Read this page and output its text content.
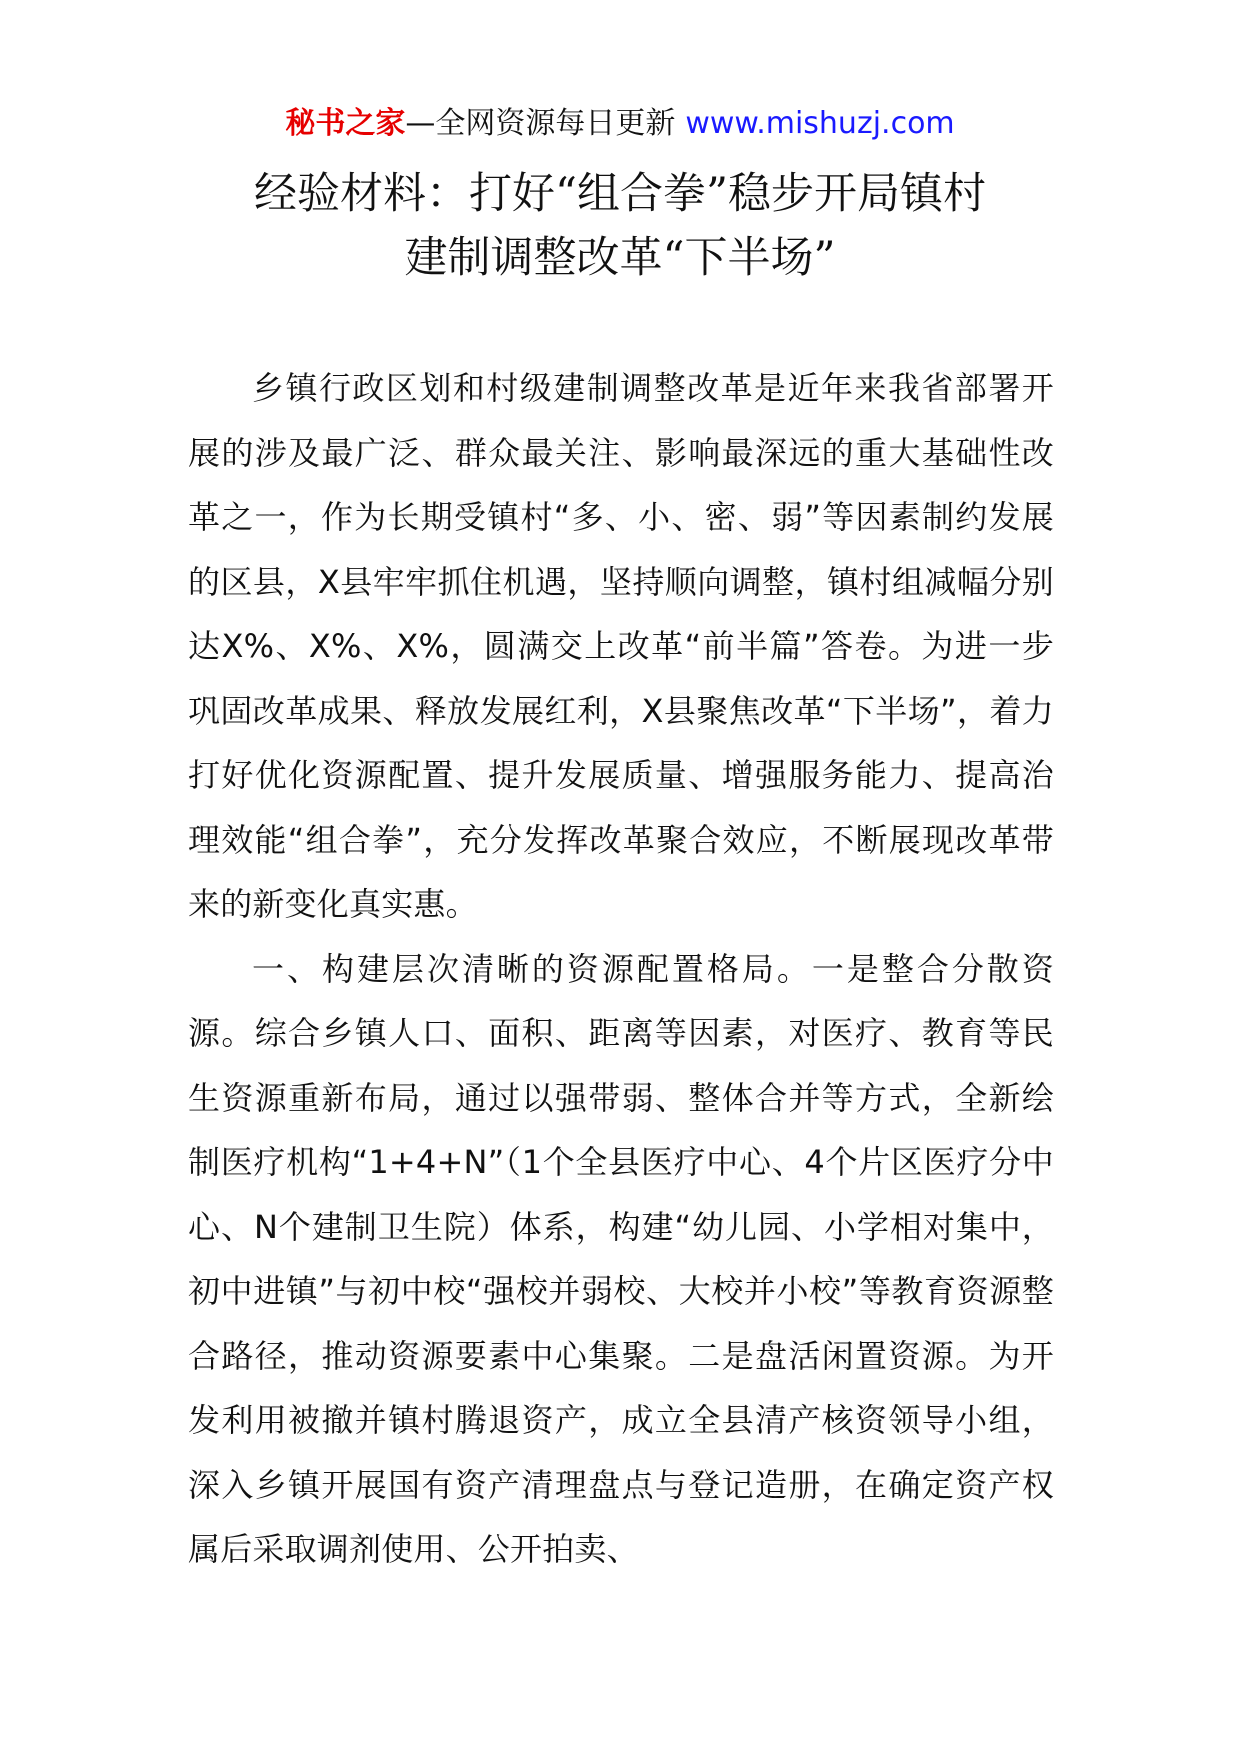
秘书之家—全网资源每日更新 www.mishuzj.com
经验材料：打好“组合拳”稳步开局镇村
建制调整改革“下半场”

乡镇行政区划和村级建制调整改革是近年来我省部署开展的涉及最广泛、群众最关注、影响最深远的重大基础性改革之一，作为长期受镇村“多、小、密、弱”等因素制约发展的区县，X县牢牢抓住机遇，坚持顺向调整，镇村组减幅分别达X%、X%、X%，圆满交上改革“前半篇”答卷。为进一步巩固改革成果、释放发展红利，X县聚焦改革“下半场”，着力打好优化资源配置、提升发展质量、增强服务能力、提高治理效能“组合拳”，充分发挥改革聚合效应，不断展现改革带来的新变化真实惠。

一、构建层次清晰的资源配置格局。一是整合分散资源。综合乡镇人口、面积、距离等因素，对医疗、教育等民生资源重新布局，通过以强带弱、整体合并等方式，全新绘制医疗机构“1+4+N”（1个全县医疗中心、4个片区医疗分中心、N个建制卫生院）体系，构建“幼儿园、小学相对集中，初中进镇”与初中校“强校并弱校、大校并小校”等教育资源整合路径，推动资源要素中心集聚。二是盘活闲置资源。为开发利用被撤并镇村腾退资产，成立全县清产核资领导小组，深入乡镇开展国有资产清理盘点与登记造册，在确定资产权属后采取调剂使用、公开拍卖、
